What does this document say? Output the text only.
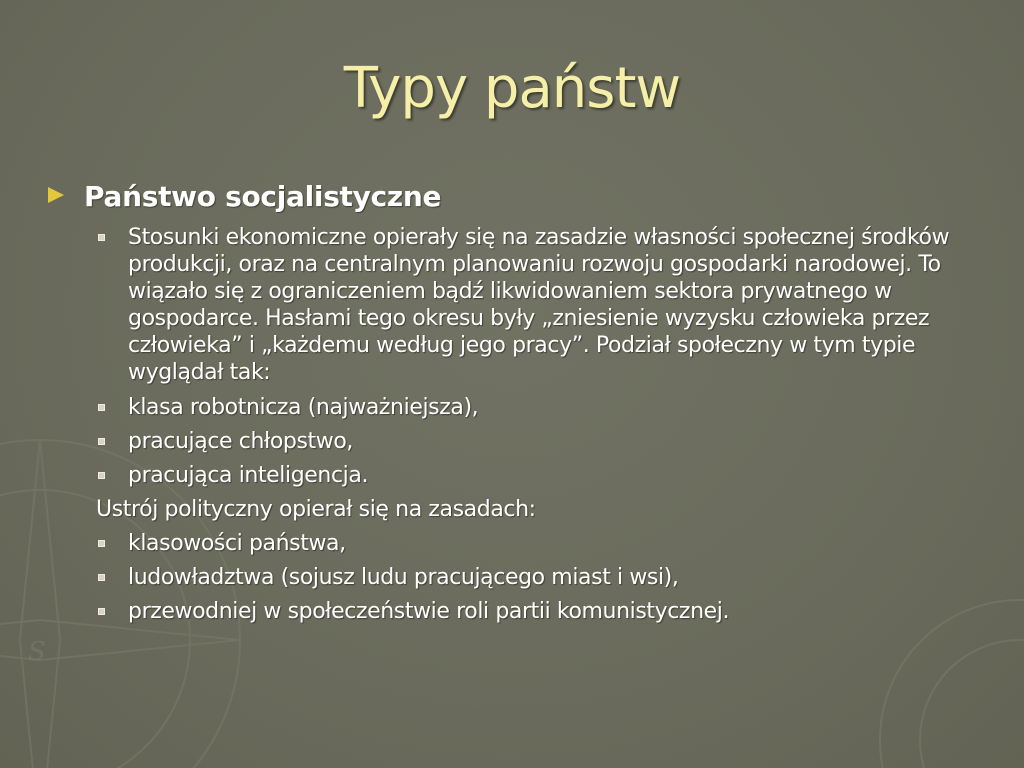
S
Typy państw
Państwo socjalistyczne
Stosunki ekonomiczne opierały się na zasadzie własności społecznej środków produkcji, oraz na centralnym planowaniu rozwoju gospodarki narodowej. To wiązało się z ograniczeniem bądź likwidowaniem sektora prywatnego w gospodarce. Hasłami tego okresu były „zniesienie wyzysku człowieka przez człowieka” i „każdemu według jego pracy”. Podział społeczny w tym typie wyglądał tak:
klasa robotnicza (najważniejsza),
pracujące chłopstwo,
pracująca inteligencja.
Ustrój polityczny opierał się na zasadach:
klasowości państwa,
ludowładztwa (sojusz ludu pracującego miast i wsi),
przewodniej w społeczeństwie roli partii komunistycznej.
